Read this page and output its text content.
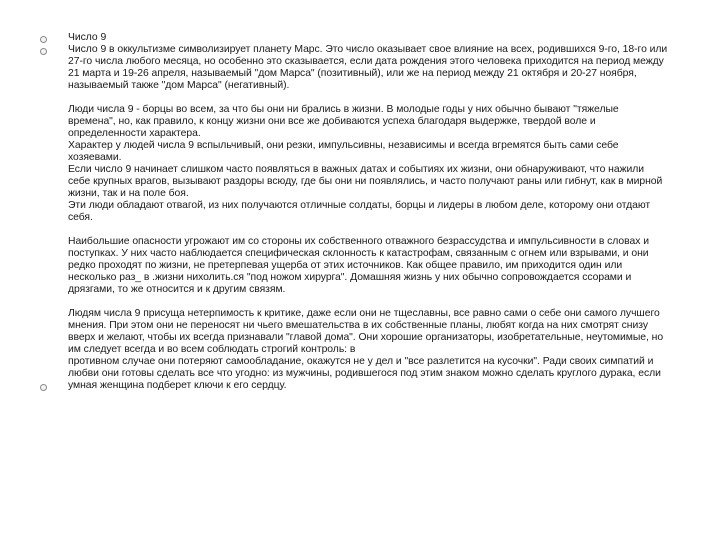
Число 9

Число 9 в оккультизме символизирует планету Марс. Это число оказывает свое влияние на всех, родившихся 9-го, 18-го или 27-го числа любого месяца, но особенно это сказывается, если дата рождения этого человека приходится на период между 21 марта и 19-26 апреля, называемый "дом Марса" (позитивный), или же на период между 21 октября и 20-27 ноября, называемый также "дом Марса" (негативный).

Люди числа 9 - борцы во всем, за что бы они ни брались в жизни. В молодые годы у них обычно бывают "тяжелые времена", но, как правило, к концу жизни они все же добиваются успеха благодаря выдержке, твердой воле и определенности характера.

Характер у людей числа 9 вспыльчивый, они резки, импульсивны, независимы и всегда вгремятся быть сами себе хозяевами.

Если число 9 начинает слишком часто появляться в важных датах и событиях их жизни, они обнаруживают, что нажили себе крупных врагов, вызывают раздоры всюду, где бы они ни появлялись, и часто получают раны или гибнут, как в мирной жизни, так и на поле боя.

Эти люди обладают отвагой, из них получаются отличные солдаты, борцы и лидеры в любом деле, которому они отдают себя.

Наибольшие опасности угрожают им со стороны их собственного отважного безрассудства и импульсивности в словах и поступках. У них часто наблюдается специфическая склонность к катастрофам, связанным с огнем или взрывами, и они редко проходят по жизни, не претерпевая ущерба от этих источников. Как общее правило, им приходится один или несколько раз_ в .жизни нихолить.ся "под ножом хирурга". Домашняя жизнь у них обычно сопровождается ссорами и дрязгами, то же относится и к другим связям.

Людям числа 9 присуща нетерпимость к критике, даже если они не тщеславны, все равно сами о себе они самого лучшего мнения. При этом они не переносят ни чьего вмешательства в их собственные планы, любят когда на них смотрят снизу вверх и желают, чтобы их всегда признавали "главой дома". Они хорошие организаторы, изобретательные, неутомимые, но им следует всегда и во всем соблюдать строгий контроль: в

противном случае они потеряют самообладание, окажутся не у дел и "все разлетится на кусочки". Ради своих симпатий и любви они готовы сделать все что угодно: из мужчины, родившегося под этим знаком можно сделать круглого дурака, если умная женщина подберет ключи к его сердцу.
